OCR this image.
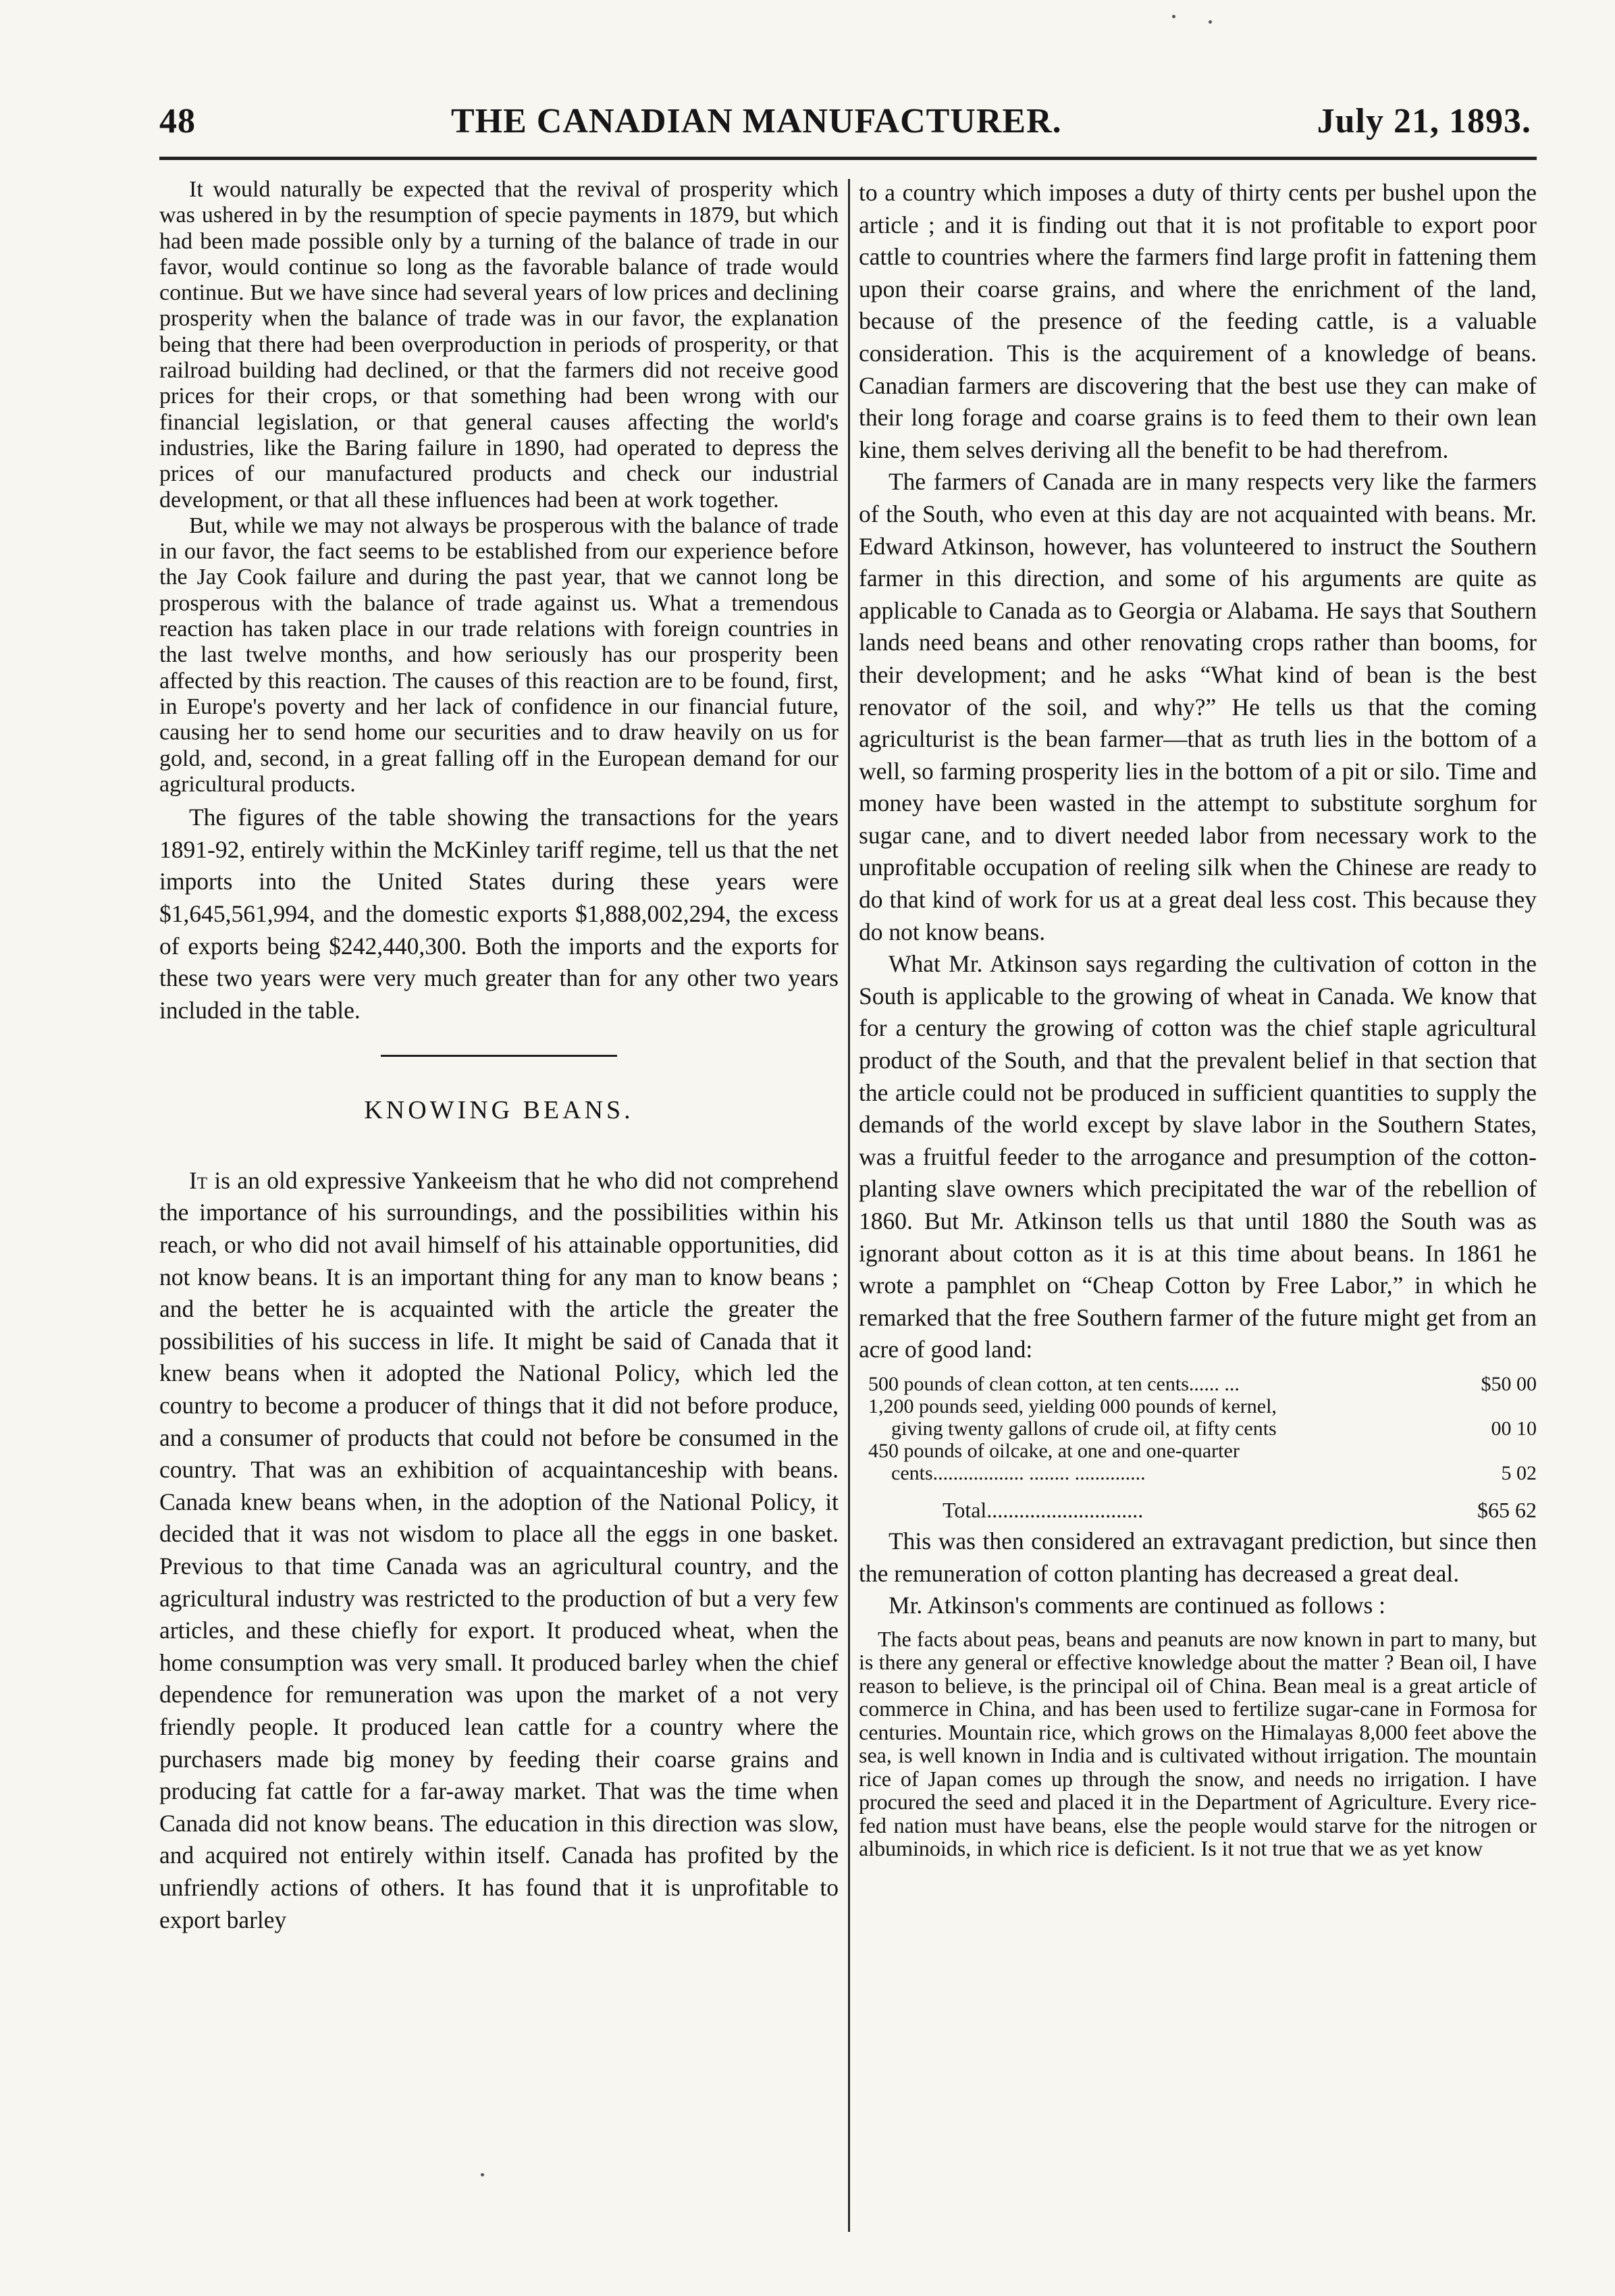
48	THE CANADIAN MANUFACTURER.	July 21, 1893.

It would naturally be expected that the revival of prosperity which was ushered in by the resumption of specie payments in 1879, but which had been made possible only by a turning of the balance of trade in our favor, would continue so long as the favorable balance of trade would continue. But we have since had several years of low prices and declining prosperity when the balance of trade was in our favor, the explanation being that there had been overproduction in periods of prosperity, or that railroad building had declined, or that the farmers did not receive good prices for their crops, or that something had been wrong with our financial legislation, or that general causes affecting the world's industries, like the Baring failure in 1890, had operated to depress the prices of our manufactured products and check our industrial development, or that all these influences had been at work together.

But, while we may not always be prosperous with the balance of trade in our favor, the fact seems to be established from our experience before the Jay Cook failure and during the past year, that we cannot long be prosperous with the balance of trade against us. What a tremendous reaction has taken place in our trade relations with foreign countries in the last twelve months, and how seriously has our prosperity been affected by this reaction. The causes of this reaction are to be found, first, in Europe's poverty and her lack of confidence in our financial future, causing her to send home our securities and to draw heavily on us for gold, and, second, in a great falling off in the European demand for our agricultural products.

The figures of the table showing the transactions for the years 1891-92, entirely within the McKinley tariff regime, tell us that the net imports into the United States during these years were $1,645,561,994, and the domestic exports $1,888,002,294, the excess of exports being $242,440,300. Both the imports and the exports for these two years were very much greater than for any other two years included in the table.

KNOWING BEANS.

It is an old expressive Yankeeism that he who did not comprehend the importance of his surroundings, and the possibilities within his reach, or who did not avail himself of his attainable opportunities, did not know beans. It is an important thing for any man to know beans ; and the better he is acquainted with the article the greater the possibilities of his success in life. It might be said of Canada that it knew beans when it adopted the National Policy, which led the country to become a producer of things that it did not before produce, and a consumer of products that could not before be consumed in the country. That was an exhibition of acquaintanceship with beans. Canada knew beans when, in the adoption of the National Policy, it decided that it was not wisdom to place all the eggs in one basket. Previous to that time Canada was an agricultural country, and the agricultural industry was restricted to the production of but a very few articles, and these chiefly for export. It produced wheat, when the home consumption was very small. It produced barley when the chief dependence for remuneration was upon the market of a not very friendly people. It produced lean cattle for a country where the purchasers made big money by feeding their coarse grains and producing fat cattle for a far-away market. That was the time when Canada did not know beans. The education in this direction was slow, and acquired not entirely within itself. Canada has profited by the unfriendly actions of others. It has found that it is unprofitable to export barley

to a country which imposes a duty of thirty cents per bushel upon the article ; and it is finding out that it is not profitable to export poor cattle to countries where the farmers find large profit in fattening them upon their coarse grains, and where the enrichment of the land, because of the presence of the feeding cattle, is a valuable consideration. This is the acquirement of a knowledge of beans. Canadian farmers are discovering that the best use they can make of their long forage and coarse grains is to feed them to their own lean kine, them selves deriving all the benefit to be had therefrom.

The farmers of Canada are in many respects very like the farmers of the South, who even at this day are not acquainted with beans. Mr. Edward Atkinson, however, has volunteered to instruct the Southern farmer in this direction, and some of his arguments are quite as applicable to Canada as to Georgia or Alabama. He says that Southern lands need beans and other renovating crops rather than booms, for their development; and he asks “What kind of bean is the best renovator of the soil, and why?” He tells us that the coming agriculturist is the bean farmer—that as truth lies in the bottom of a well, so farming prosperity lies in the bottom of a pit or silo. Time and money have been wasted in the attempt to substitute sorghum for sugar cane, and to divert needed labor from necessary work to the unprofitable occupation of reeling silk when the Chinese are ready to do that kind of work for us at a great deal less cost. This because they do not know beans.

What Mr. Atkinson says regarding the cultivation of cotton in the South is applicable to the growing of wheat in Canada. We know that for a century the growing of cotton was the chief staple agricultural product of the South, and that the prevalent belief in that section that the article could not be produced in sufficient quantities to supply the demands of the world except by slave labor in the Southern States, was a fruitful feeder to the arrogance and presumption of the cotton-planting slave owners which precipitated the war of the rebellion of 1860. But Mr. Atkinson tells us that until 1880 the South was as ignorant about cotton as it is at this time about beans. In 1861 he wrote a pamphlet on “Cheap Cotton by Free Labor,” in which he remarked that the free Southern farmer of the future might get from an acre of good land:

500 pounds of clean cotton, at ten cents...... ...	$50 00
1,200 pounds seed, yielding 000 pounds of kernel,
giving twenty gallons of crude oil, at fifty cents	00 10
450 pounds of oilcake, at one and one-quarter
cents.................. ........ ..............	5 02
Total.............................	$65 62

This was then considered an extravagant prediction, but since then the remuneration of cotton planting has decreased a great deal.

Mr. Atkinson's comments are continued as follows :

The facts about peas, beans and peanuts are now known in part to many, but is there any general or effective knowledge about the matter ? Bean oil, I have reason to believe, is the principal oil of China. Bean meal is a great article of commerce in China, and has been used to fertilize sugar-cane in Formosa for centuries. Mountain rice, which grows on the Himalayas 8,000 feet above the sea, is well known in India and is cultivated without irrigation. The mountain rice of Japan comes up through the snow, and needs no irrigation. I have procured the seed and placed it in the Department of Agriculture. Every rice-fed nation must have beans, else the people would starve for the nitrogen or albuminoids, in which rice is deficient. Is it not true that we as yet know
